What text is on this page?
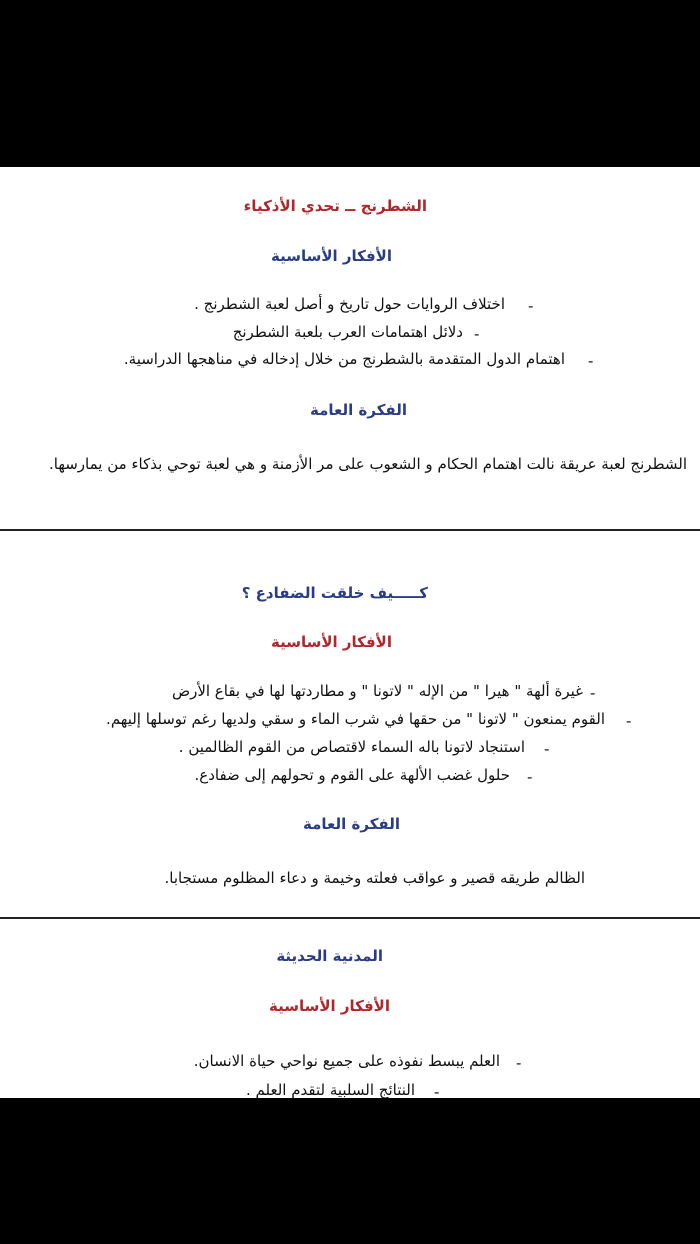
الشطرنج ــ تحدي الأذكياء
الأفكار الأساسية
-
اختلاف الروايات حول تاريخ و أصل لعبة الشطرنج .
-
دلائل اهتمامات العرب بلعبة الشطرنج
-
اهتمام الدول المتقدمة بالشطرنج من خلال إدخاله في مناهجها الدراسية.
الفكرة العامة
الشطرنج لعبة عريقة نالت اهتمام الحكام و الشعوب على مر الأزمنة و هي لعبة توحي بذكاء من يمارسها.
كـــــيف خلقت الضفادع ؟
الأفكار الأساسية
-
غيرة ألهة " هيرا " من الإله " لاتونا " و مطاردتها لها في بقاع الأرض
-
القوم يمنعون " لاتونا " من حقها في شرب الماء و سقي ولديها رغم توسلها إليهم.
-
استنجاد لاتونا باله السماء لاقتصاص من القوم الظالمين .
-
حلول غضب الألهة على القوم و تحولهم إلى ضفادع.
الفكرة العامة
الظالم طريقه قصير و عواقب فعلته وخيمة و دعاء المظلوم مستجابا.
المدنية الحديثة
الأفكار الأساسية
-
العلم يبسط نفوذه على جميع نواحي حياة الانسان.
-
النتائج السلبية لتقدم العلم .
